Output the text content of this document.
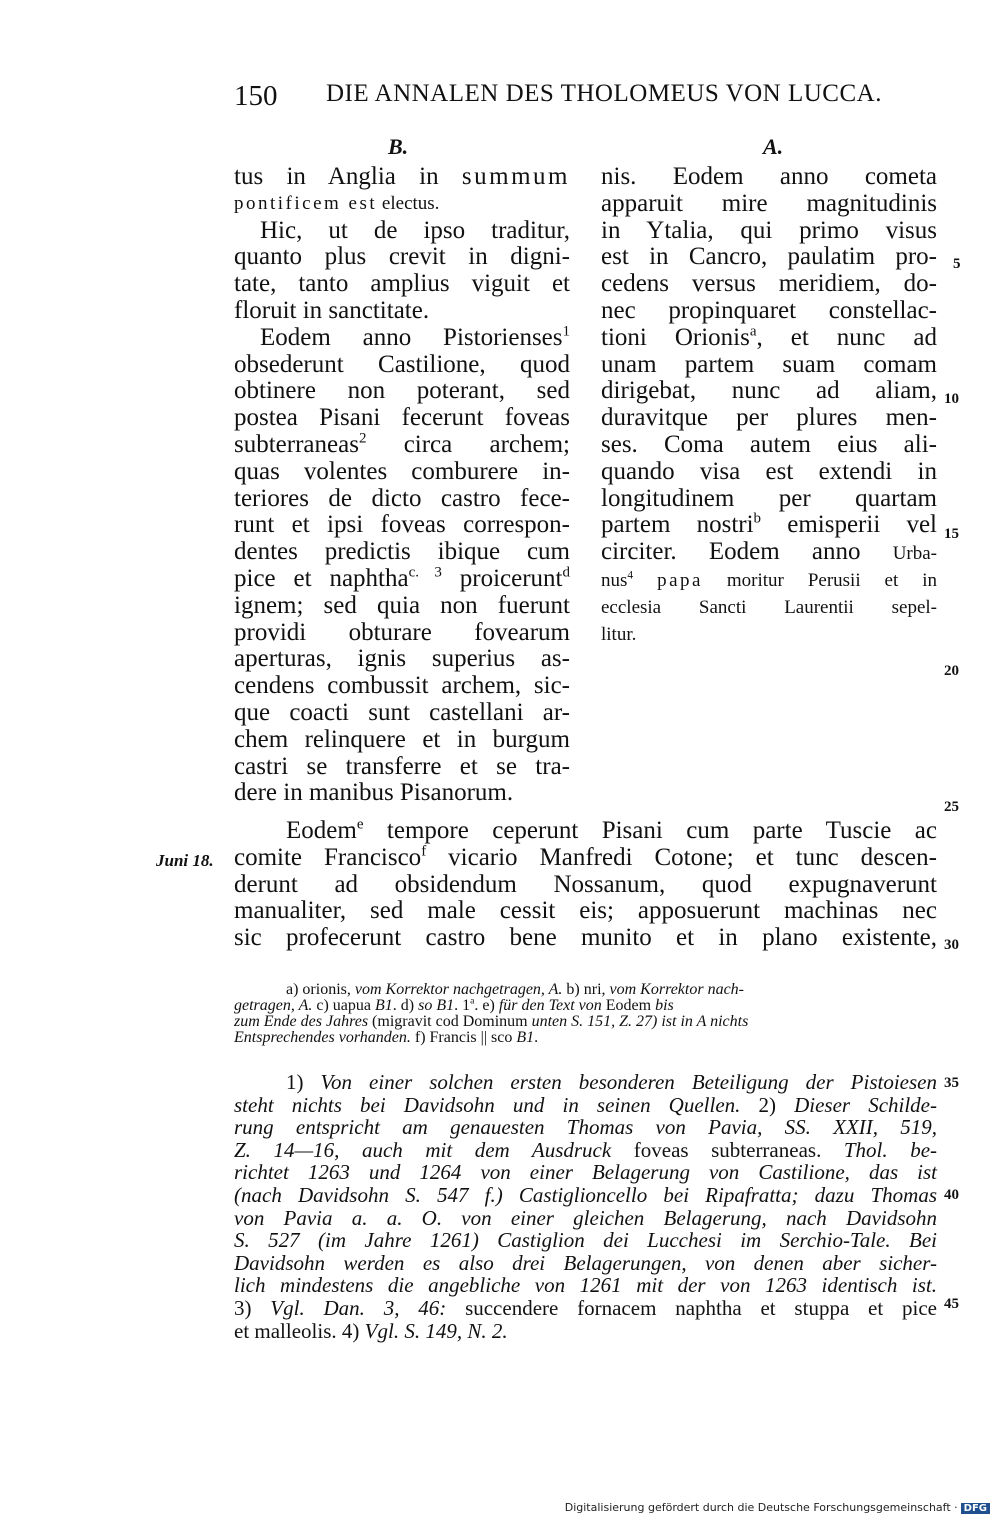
150 DIE ANNALEN DES THOLOMEUS VON LUCCA.
B.	A.
tus in Anglia in summum
pontificem est electus.
Hic, ut de ipso traditur,
quanto plus crevit in digni-
tate, tanto amplius viguit et
floruit in sanctitate.
Eodem anno Pistorienses$^1$
obsederunt Castilione, quod
obtinere non poterant, sed
postea Pisani fecerunt foveas
subterraneas$^2$ circa archem;
quas volentes comburere in-
teriores de dicto castro fece-
runt et ipsi foveas correspon-
dentes predictis ibique cum
pice et naphtha$^{c. 3}$ proicerunt$^d$
ignem; sed quia non fuerunt
providi obturare fovearum
aperturas, ignis superius as-
cendens combussit archem, sic-
que coacti sunt castellani ar-
chem relinquere et in burgum
castri se transferre et se tra-
dere in manibus Pisanorum.
nis. Eodem anno cometa
apparuit mire magnitudinis
in Ytalia, qui primo visus
est in Cancro, paulatim pro-
cedens versus meridiem, do-
nec propinquaret constellac-
tioni Orionis$^a$, et nunc ad
unam partem suam comam
dirigebat, nunc ad aliam,
duravitque per plures men-
ses. Coma autem eius ali-
quando visa est extendi in
longitudinem per quartam
partem nostri$^b$ emisperii vel
circiter. Eodem anno Urba-
nus$^4$ papa moritur Perusii et in
ecclesia Sancti Laurentii sepel-
litur.
Eodem$^e$ tempore ceperunt Pisani cum parte Tuscie ac
comite Francisco$^f$ vicario Manfredi Cotone; et tunc descen-
derunt ad obsidendum Nossanum, quod expugnaverunt
manualiter, sed male cessit eis; apposuerunt machinas nec
sic profecerunt castro bene munito et in plano existente,
Juni 18.
5
10
15
20
25
30
35
40
45
a) orionis, vom Korrektor nachgetragen, A. b) nri, vom Korrektor nach-
getragen, A. c) uapua B1. d) so B1. 1$^a$. e) für den Text von Eodem bis
zum Ende des Jahres (migravit cod Dominum unten S. 151, Z. 27) ist in A nichts
Entsprechendes vorhanden. f) Francis || sco B1.
1) Von einer solchen ersten besonderen Beteiligung der Pistoiesen
steht nichts bei Davidsohn und in seinen Quellen. 2) Dieser Schilde-
rung entspricht am genauesten Thomas von Pavia, SS. XXII, 519,
Z. 14—16, auch mit dem Ausdruck foveas subterraneas. Thol. be-
richtet 1263 und 1264 von einer Belagerung von Castilione, das ist
(nach Davidsohn S. 547 f.) Castiglioncello bei Ripafratta; dazu Thomas
von Pavia a. a. O. von einer gleichen Belagerung, nach Davidsohn
S. 527 (im Jahre 1261) Castiglion dei Lucchesi im Serchio-Tale. Bei
Davidsohn werden es also drei Belagerungen, von denen aber sicher-
lich mindestens die angebliche von 1261 mit der von 1263 identisch ist.
3) Vgl. Dan. 3, 46: succendere fornacem naphtha et stuppa et pice
et malleolis. 4) Vgl. S. 149, N. 2.
Digitalisierung gefördert durch die Deutsche Forschungsgemeinschaft · DFG
